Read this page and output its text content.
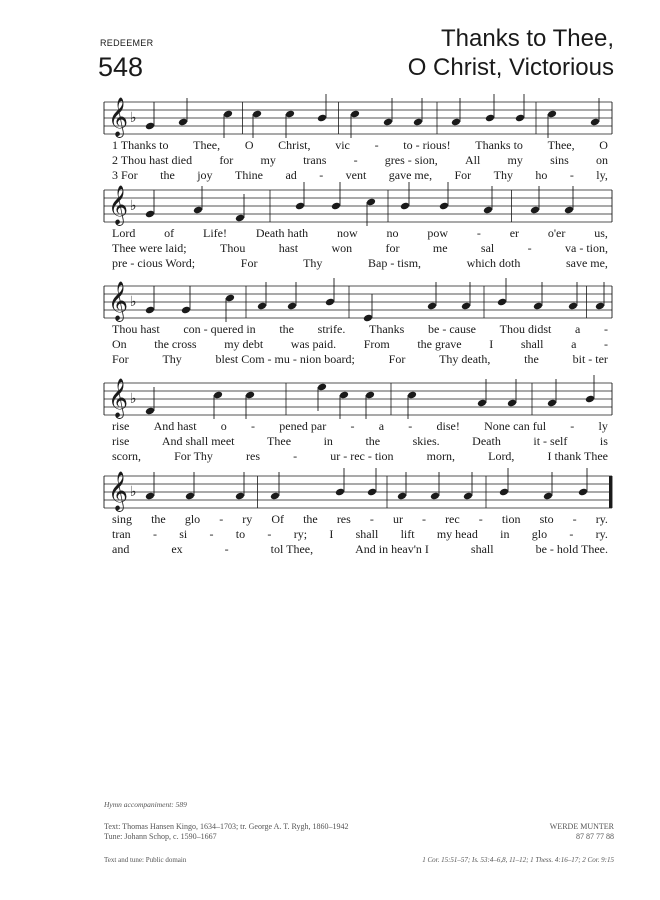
REDEEMER
548
Thanks to Thee,
O Christ, Victorious
𝄞 ♭
𝄞 ♭
𝄞 ♭
𝄞 ♭
𝄞 ♭
1 Thanks to Thee, O Christ, vic - to - rious! Thanks to Thee, O
2 Thou hast died for my trans - gres - sion, All my sins on
3 For the joy Thine ad - vent gave me, For Thy ho - ly,
Lord of Life! Death hath now no pow - er o'er us,
Thee were laid;	Thou	hast	won	for	me	sal	-	va - tion,
pre - cious Word;	For	Thy	Bap - tism,	which doth	save me,
Thou hast con - quered in the strife. Thanks be - cause Thou didst a -
On the cross my debt was paid. From the grave I shall a -
For	Thy	blest Com - mu - nion board;	For	Thy death,	the	bit - ter
rise And hast o - pened par - a - dise! None can ful - ly
rise	And shall meet	Thee	in	the	skies.	Death	it - self	is
scorn,	For Thy	res	-	ur - rec - tion	morn,	Lord,	I thank Thee
sing the glo - ry Of the res - ur - rec - tion sto - ry.
tran - si - to - ry; I shall lift my head in glo - ry.
and	ex	-	tol Thee,	And in heav'n I	shall	be - hold Thee.
Hymn accompaniment: 589
Text: Thomas Hansen Kingo, 1634–1703; tr. George A. T. Rygh, 1860–1942
Tune: Johann Schop, c. 1590–1667
WERDE MUNTER
87 87 77 88
Text and tune: Public domain	1 Cor. 15:51–57; Is. 53:4–6,8, 11–12; 1 Thess. 4:16–17; 2 Cor. 9:15
